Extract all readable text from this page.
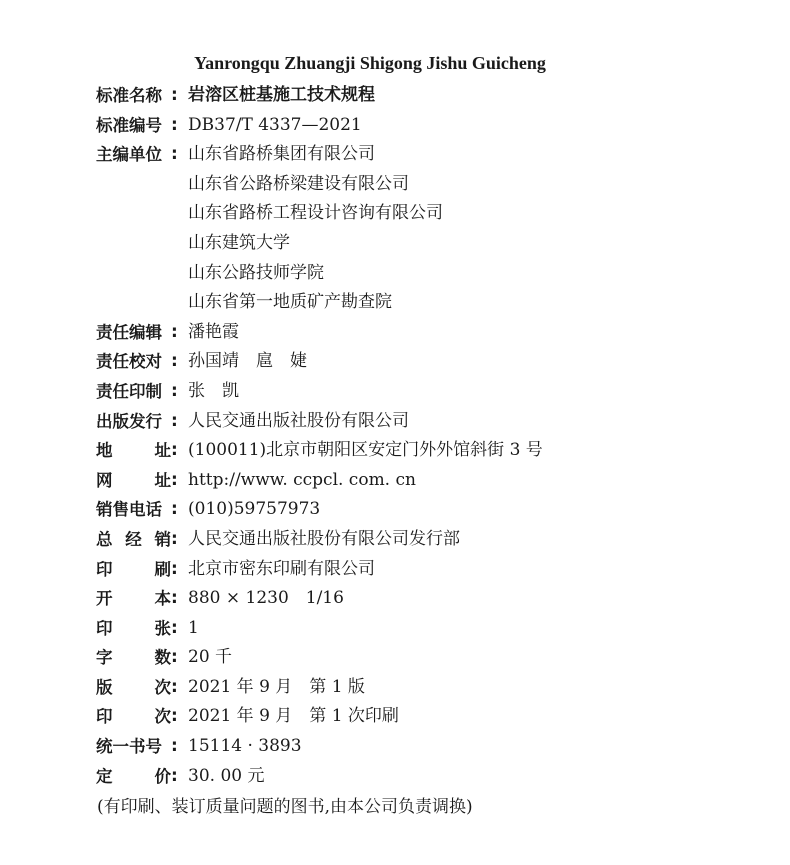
Yanrongqu Zhuangji Shigong Jishu Guicheng
标准名称 : 岩溶区桩基施工技术规程
标准编号 : DB37/T 4337—2021
主编单位 : 山东省路桥集团有限公司
山东省公路桥梁建设有限公司
山东省路桥工程设计咨询有限公司
山东建筑大学
山东公路技师学院
山东省第一地质矿产勘查院
责任编辑 : 潘艳霞
责任校对 : 孙国靖　扈　婕
责任印制 : 张　凯
出版发行 : 人民交通出版社股份有限公司
地　　址 : (100011)北京市朝阳区安定门外外馆斜街 3 号
网　　址 : http://www. ccpcl. com. cn
销售电话 : (010)59757973
总 经 销 : 人民交通出版社股份有限公司发行部
印　　刷 : 北京市密东印刷有限公司
开　　本 : 880 × 1230　1/16
印　　张 : 1
字　　数 : 20 千
版　　次 : 2021 年 9 月　第 1 版
印　　次 : 2021 年 9 月　第 1 次印刷
统一书号 : 15114 · 3893
定　　价 : 30. 00 元
(有印刷、装订质量问题的图书,由本公司负责调换)
